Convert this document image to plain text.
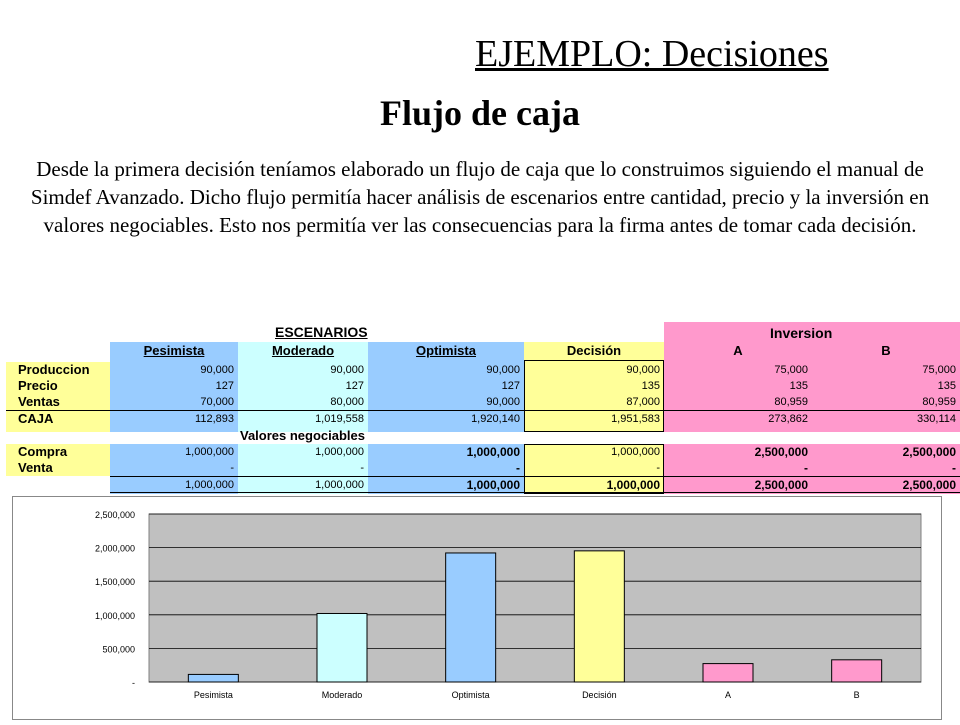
EJEMPLO: Decisiones
Flujo de caja
Desde la primera decisión teníamos elaborado un flujo de caja que lo construimos siguiendo el manual de Simdef Avanzado. Dicho flujo permitía hacer análisis de escenarios entre cantidad, precio y la inversión en valores negociables. Esto nos permitía ver las consecuencias para la firma antes de tomar cada decisión.
ESCENARIOS	Inversion
Valores negociables
Pesimista	Moderado	Optimista	Decisión	A	B
Produccion	90,000	90,000	90,000	90,000	75,000	75,000
Precio	127	127	127	135	135	135
Ventas	70,000	80,000	90,000	87,000	80,959	80,959
CAJA	112,893	1,019,558	1,920,140	1,951,583	273,862	330,114
Compra	1,000,000	1,000,000	1,000,000	1,000,000	2,500,000	2,500,000
Venta	-	-	-	-	-	-
1,000,000	1,000,000	1,000,000	1,000,000	2,500,000	2,500,000
2,500,000
2,000,000
1,500,000
1,000,000
500,000
-
Pesimista	Moderado	Optimista	Decisión	A	B
